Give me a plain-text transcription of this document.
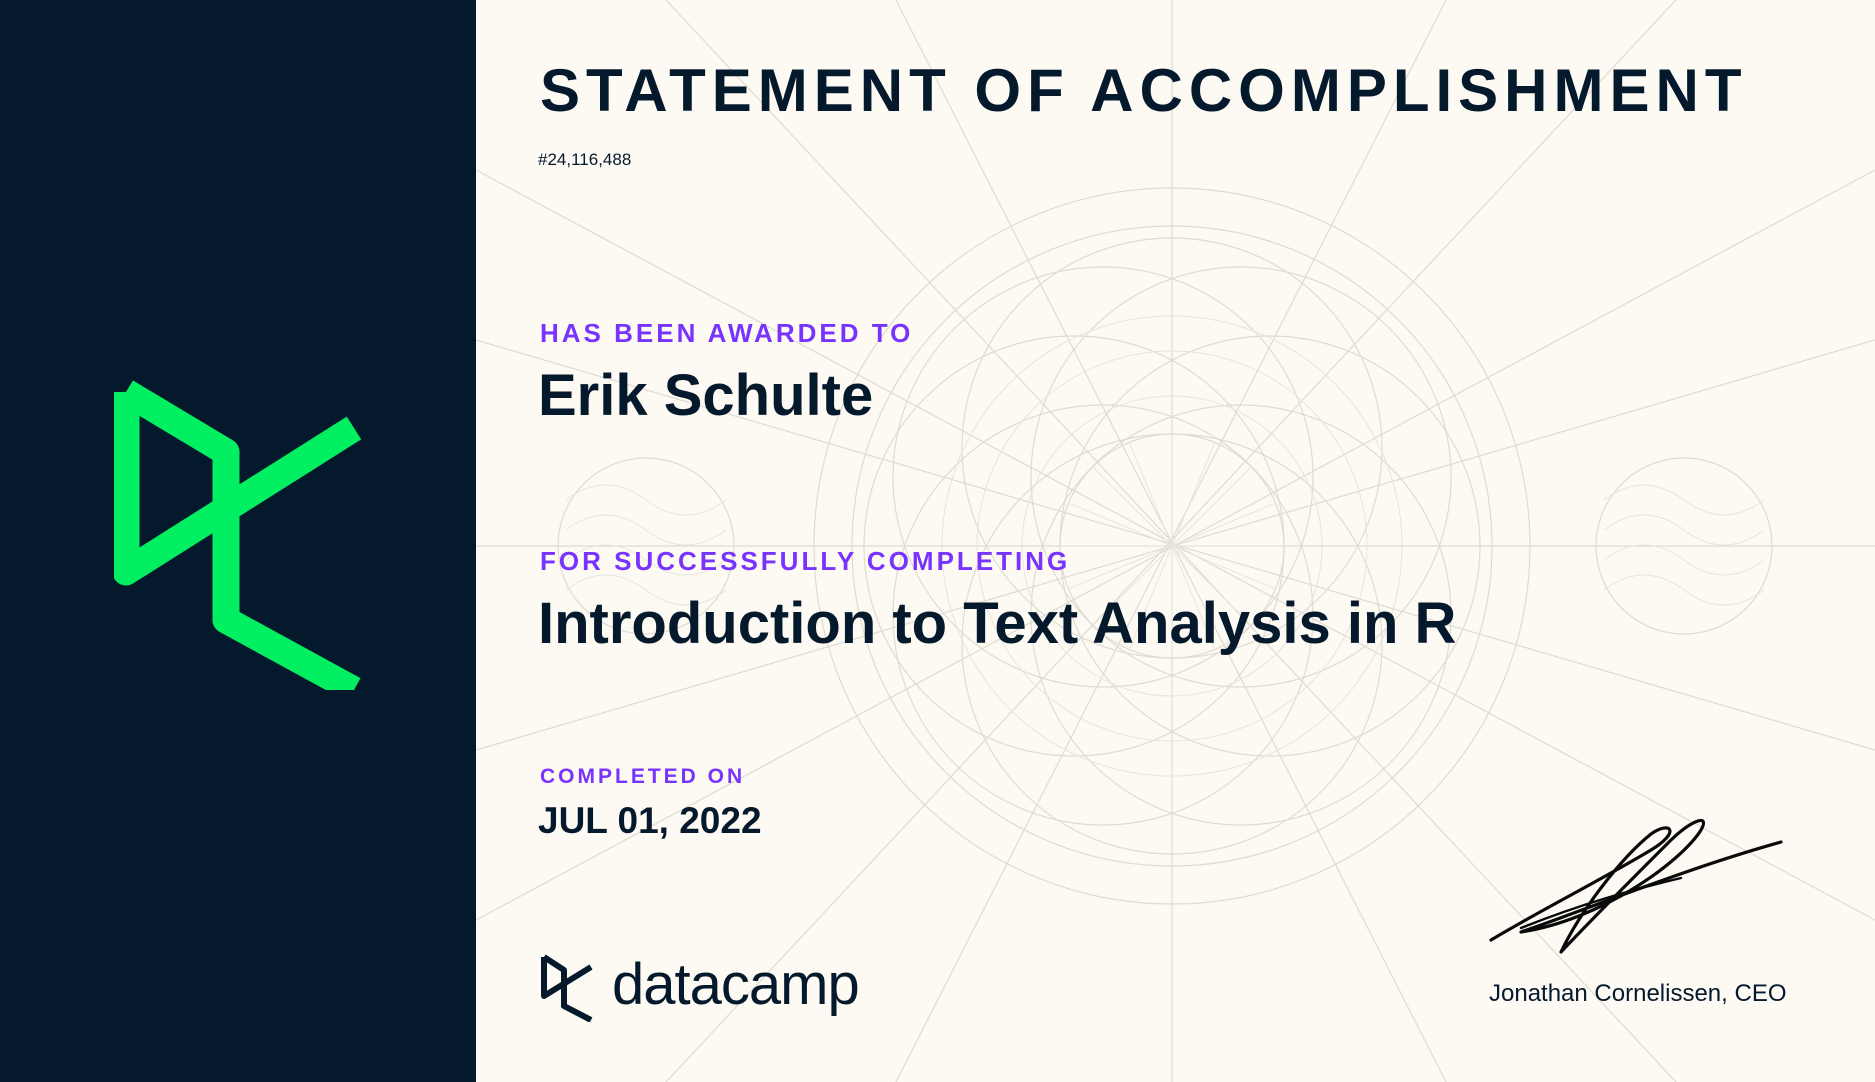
STATEMENT OF ACCOMPLISHMENT
#24,116,488
HAS BEEN AWARDED TO
Erik Schulte
FOR SUCCESSFULLY COMPLETING
Introduction to Text Analysis in R
COMPLETED ON
JUL 01, 2022
datacamp	Jonathan Cornelissen, CEO
